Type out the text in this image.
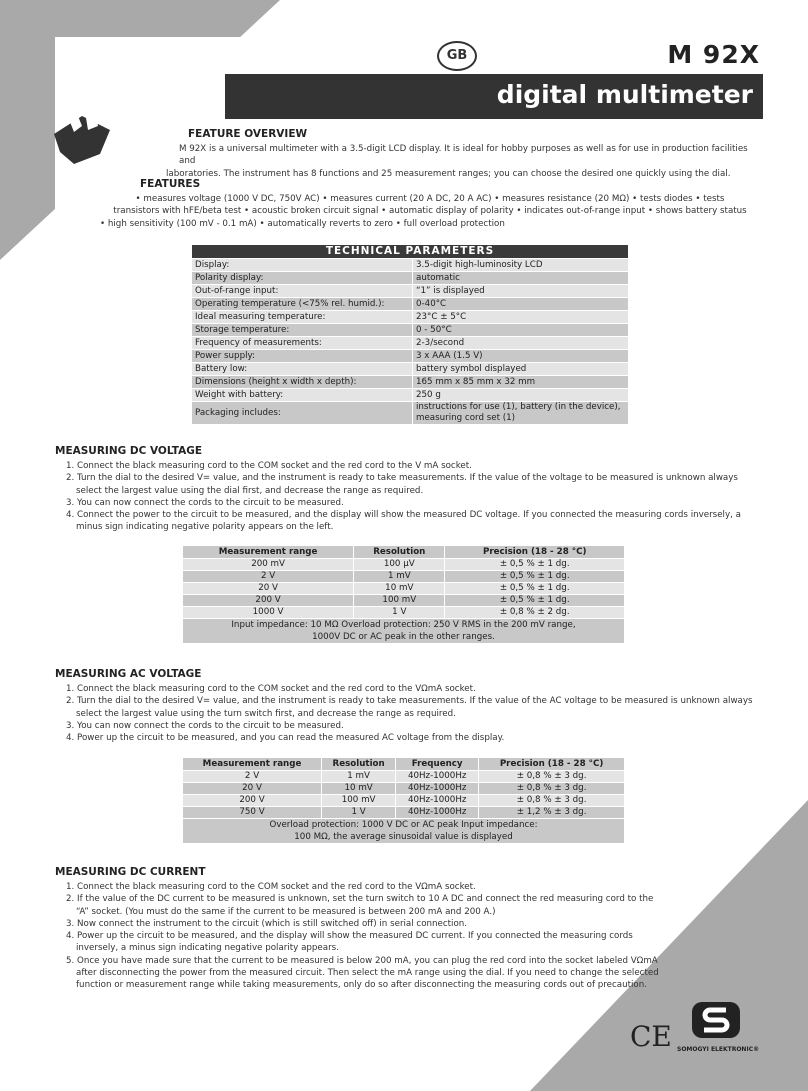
GB	M 92X
digital multimeter
FEATURE OVERVIEW
M 92X is a universal multimeter with a 3.5-digit LCD display. It is ideal for hobby purposes as well as for use in production facilities and
laboratories. The instrument has 8 functions and 25 measurement ranges; you can choose the desired one quickly using the dial.
FEATURES
• measures voltage (1000 V DC, 750V AC) • measures current (20 A DC, 20 A AC) • measures resistance (20 MΩ) • tests diodes • tests
transistors with hFE/beta test • acoustic broken circuit signal • automatic display of polarity • indicates out-of-range input • shows battery status
• high sensitivity (100 mV - 0.1 mA) • automatically reverts to zero • full overload protection
TECHNICAL PARAMETERS	
Display:	3.5-digit high-luminosity LCD

Polarity display:	automatic

Out-of-range input:	“1” is displayed

Operating temperature (<75% rel. humid.):	0-40°C

Ideal measuring temperature:	23°C ± 5°C

Storage temperature:	0 - 50°C

Frequency of measurements:	2-3/second

Power supply:	3 x AAA (1.5 V)

Battery low:	battery symbol displayed

Dimensions (height x width x depth):	165 mm x 85 mm x 32 mm

Weight with battery:	250 g

Packaging includes:	instructions for use (1), battery (in the device),
measuring cord set (1)
MEASURING DC VOLTAGE
1. Connect the black measuring cord to the COM socket and the red cord to the V mA socket.
2. Turn the dial to the desired V= value, and the instrument is ready to take measurements. If the value of the voltage to be measured is unknown always select the largest value using the dial first, and decrease the range as required.
3. You can now connect the cords to the circuit to be measured.
4. Connect the power to the circuit to be measured, and the display will show the measured DC voltage. If you connected the measuring cords inversely, a minus sign indicating negative polarity appears on the left.
Measurement range	Resolution	Precision (18 - 28 °C)
200 mV	100 µV	± 0,5 % ± 1 dg.
2 V	1 mV	± 0,5 % ± 1 dg.
20 V	10 mV	± 0,5 % ± 1 dg.
200 V	100 mV	± 0,5 % ± 1 dg.
1000 V	1 V	± 0,8 % ± 2 dg.

Input impedance: 10 MΩ Overload protection: 250 V RMS in the 200 mV range,
1000V DC or AC peak in the other ranges.		
MEASURING AC VOLTAGE
1. Connect the black measuring cord to the COM socket and the red cord to the VΩmA socket.
2. Turn the dial to the desired V= value, and the instrument is ready to take measurements. If the value of the AC voltage to be measured is unknown always select the largest value using the turn switch first, and decrease the range as required.
3. You can now connect the cords to the circuit to be measured.
4. Power up the circuit to be measured, and you can read the measured AC voltage from the display.
Measurement range	Resolution	Frequency	Precision (18 - 28 °C)
2 V	1 mV	40Hz-1000Hz	± 0,8 % ± 3 dg.
20 V	10 mV	40Hz-1000Hz	± 0,8 % ± 3 dg.
200 V	100 mV	40Hz-1000Hz	± 0,8 % ± 3 dg.
750 V	1 V	40Hz-1000Hz	± 1,2 % ± 3 dg.

Overload protection: 1000 V DC or AC peak Input impedance:
100 MΩ, the average sinusoidal value is displayed			
MEASURING DC CURRENT
1. Connect the black measuring cord to the COM socket and the red cord to the VΩmA socket.
2. If the value of the DC current to be measured is unknown, set the turn switch to 10 A DC and connect the red measuring cord to the “A” socket. (You must do the same if the current to be measured is between 200 mA and 200 A.)
3. Now connect the instrument to the circuit (which is still switched off) in serial connection.
4. Power up the circuit to be measured, and the display will show the measured DC current. If you connected the measuring cords inversely, a minus sign indicating negative polarity appears.
5. Once you have made sure that the current to be measured is below 200 mA, you can plug the red cord into the socket labeled VΩmA after disconnecting the power from the measured circuit. Then select the mA range using the dial. If you need to change the selected function or measurement range while taking measurements, only do so after disconnecting the measuring cords out of precaution.
CE SOMOGYI ELEKTRONIC®
